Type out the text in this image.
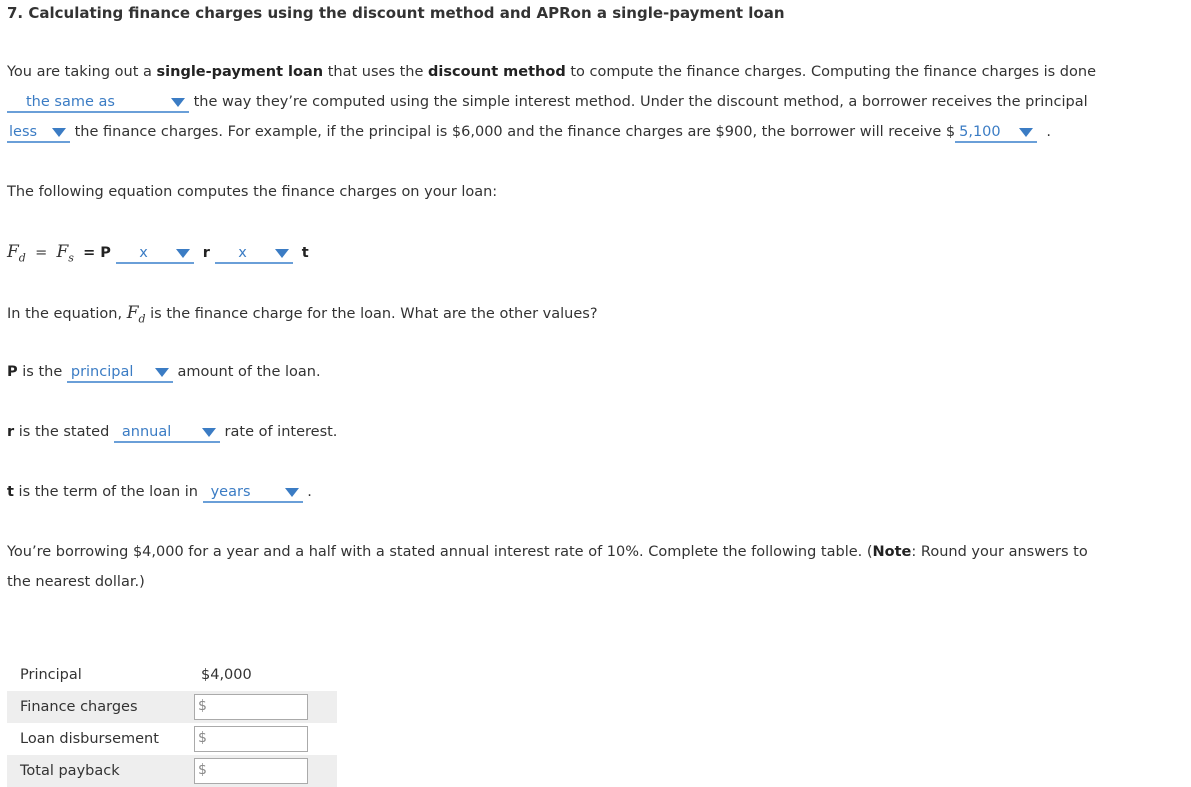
7. Calculating finance charges using the discount method and APRon a single-payment loan
You are taking out a single-payment loan that uses the discount method to compute the finance charges. Computing the finance charges is done
the same as	the way they’re computed using the simple interest method. Under the discount method, a borrower receives the principal
less
the finance charges. For example, if the principal is $6,000 and the finance charges are $900, the borrower will receive $ 5,100	.
The following equation computes the finance charges on your loan:
$F_d = F_s = P$ x	r x	t
In the equation, $F_d$ is the finance charge for the loan. What are the other values?
P is the principal	amount of the loan.
r is the stated annual	rate of interest.
t is the term of the loan in years	.
You’re borrowing $4,000 for a year and a half with a stated annual interest rate of 10%. Complete the following table. (Note: Round your answers to
the nearest dollar.)
Principal	$4,000
Finance charges	$

Loan disbursement	$

Total payback	$
